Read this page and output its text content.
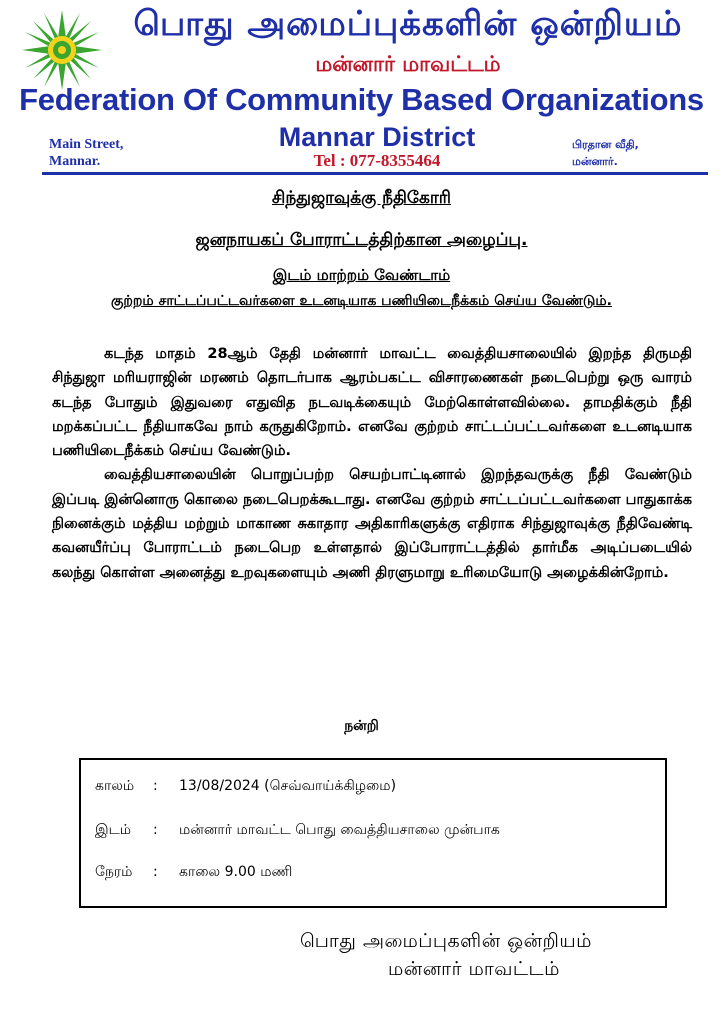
பொது அமைப்புக்களின் ஒன்றியம்
மன்னார் மாவட்டம்
Federation Of Community Based Organizations
Main Street,
Mannar.
Mannar District
Tel : 077-8355464
பிரதான வீதி,
மன்னார்.
சிந்துஜாவுக்கு நீதிகோரி
ஜனநாயகப் போராட்டத்திற்கான அழைப்பு.
இடம் மாற்றம் வேண்டாம்
குற்றம் சாட்டப்பட்டவர்களை உடனடியாக பணியிடைநீக்கம் செய்ய வேண்டும்.

கடந்த மாதம் 28ஆம் தேதி மன்னார் மாவட்ட வைத்தியசாலையில் இறந்த திருமதி சிந்துஜா மரியராஜின் மரணம் தொடர்பாக ஆரம்பகட்ட விசாரணைகள் நடைபெற்று ஒரு வாரம் கடந்த போதும் இதுவரை எதுவித நடவடிக்கையும் மேற்கொள்ளவில்லை. தாமதிக்கும் நீதி மறக்கப்பட்ட நீதியாகவே நாம் கருதுகிறோம். எனவே குற்றம் சாட்டப்பட்டவர்களை உடனடியாக பணியிடைநீக்கம் செய்ய வேண்டும்.

வைத்தியசாலையின் பொறுப்பற்ற செயற்பாட்டினால் இறந்தவருக்கு நீதி வேண்டும் இப்படி இன்னொரு கொலை நடைபெறக்கூடாது. எனவே குற்றம் சாட்டப்பட்டவர்களை பாதுகாக்க நினைக்கும் மத்திய மற்றும் மாகாண சுகாதார அதிகாரிகளுக்கு எதிராக சிந்துஜாவுக்கு நீதிவேண்டி கவனயீர்ப்பு போராட்டம் நடைபெற உள்ளதால் இப்போராட்டத்தில் தார்மீக அடிப்படையில் கலந்து கொள்ள அனைத்து உறவுகளையும் அணி திரளுமாறு உரிமையோடு அழைக்கின்றோம்.

நன்றி
காலம் : 13/08/2024 (செவ்வாய்க்கிழமை)
இடம் : மன்னார் மாவட்ட பொது வைத்தியசாலை முன்பாக
நேரம் : காலை 9.00 மணி
பொது அமைப்புகளின் ஒன்றியம்
மன்னார் மாவட்டம்
